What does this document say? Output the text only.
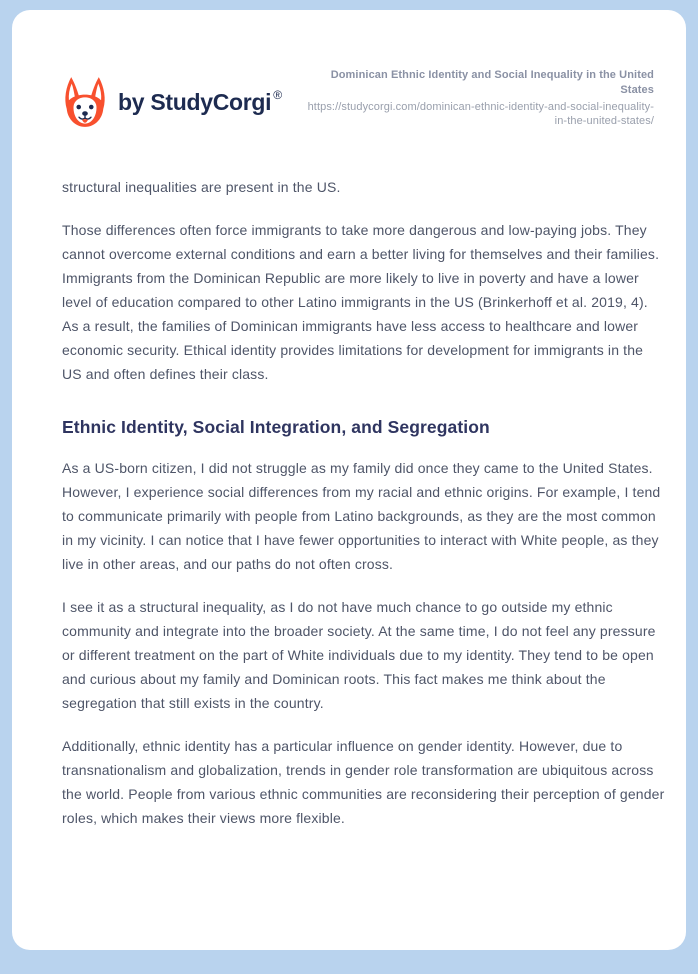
by StudyCorgi ®
Dominican Ethnic Identity and Social Inequality in the United States
https://studycorgi.com/dominican-ethnic-identity-and-social-inequality-in-the-united-states/

structural inequalities are present in the US.

Those differences often force immigrants to take more dangerous and low-paying jobs. They cannot overcome external conditions and earn a better living for themselves and their families. Immigrants from the Dominican Republic are more likely to live in poverty and have a lower level of education compared to other Latino immigrants in the US (Brinkerhoff et al. 2019, 4). As a result, the families of Dominican immigrants have less access to healthcare and lower economic security. Ethical identity provides limitations for development for immigrants in the US and often defines their class.

Ethnic Identity, Social Integration, and Segregation

As a US-born citizen, I did not struggle as my family did once they came to the United States. However, I experience social differences from my racial and ethnic origins. For example, I tend to communicate primarily with people from Latino backgrounds, as they are the most common in my vicinity. I can notice that I have fewer opportunities to interact with White people, as they live in other areas, and our paths do not often cross.

I see it as a structural inequality, as I do not have much chance to go outside my ethnic community and integrate into the broader society. At the same time, I do not feel any pressure or different treatment on the part of White individuals due to my identity. They tend to be open and curious about my family and Dominican roots. This fact makes me think about the segregation that still exists in the country.

Additionally, ethnic identity has a particular influence on gender identity. However, due to transnationalism and globalization, trends in gender role transformation are ubiquitous across the world. People from various ethnic communities are reconsidering their perception of gender roles, which makes their views more flexible.
